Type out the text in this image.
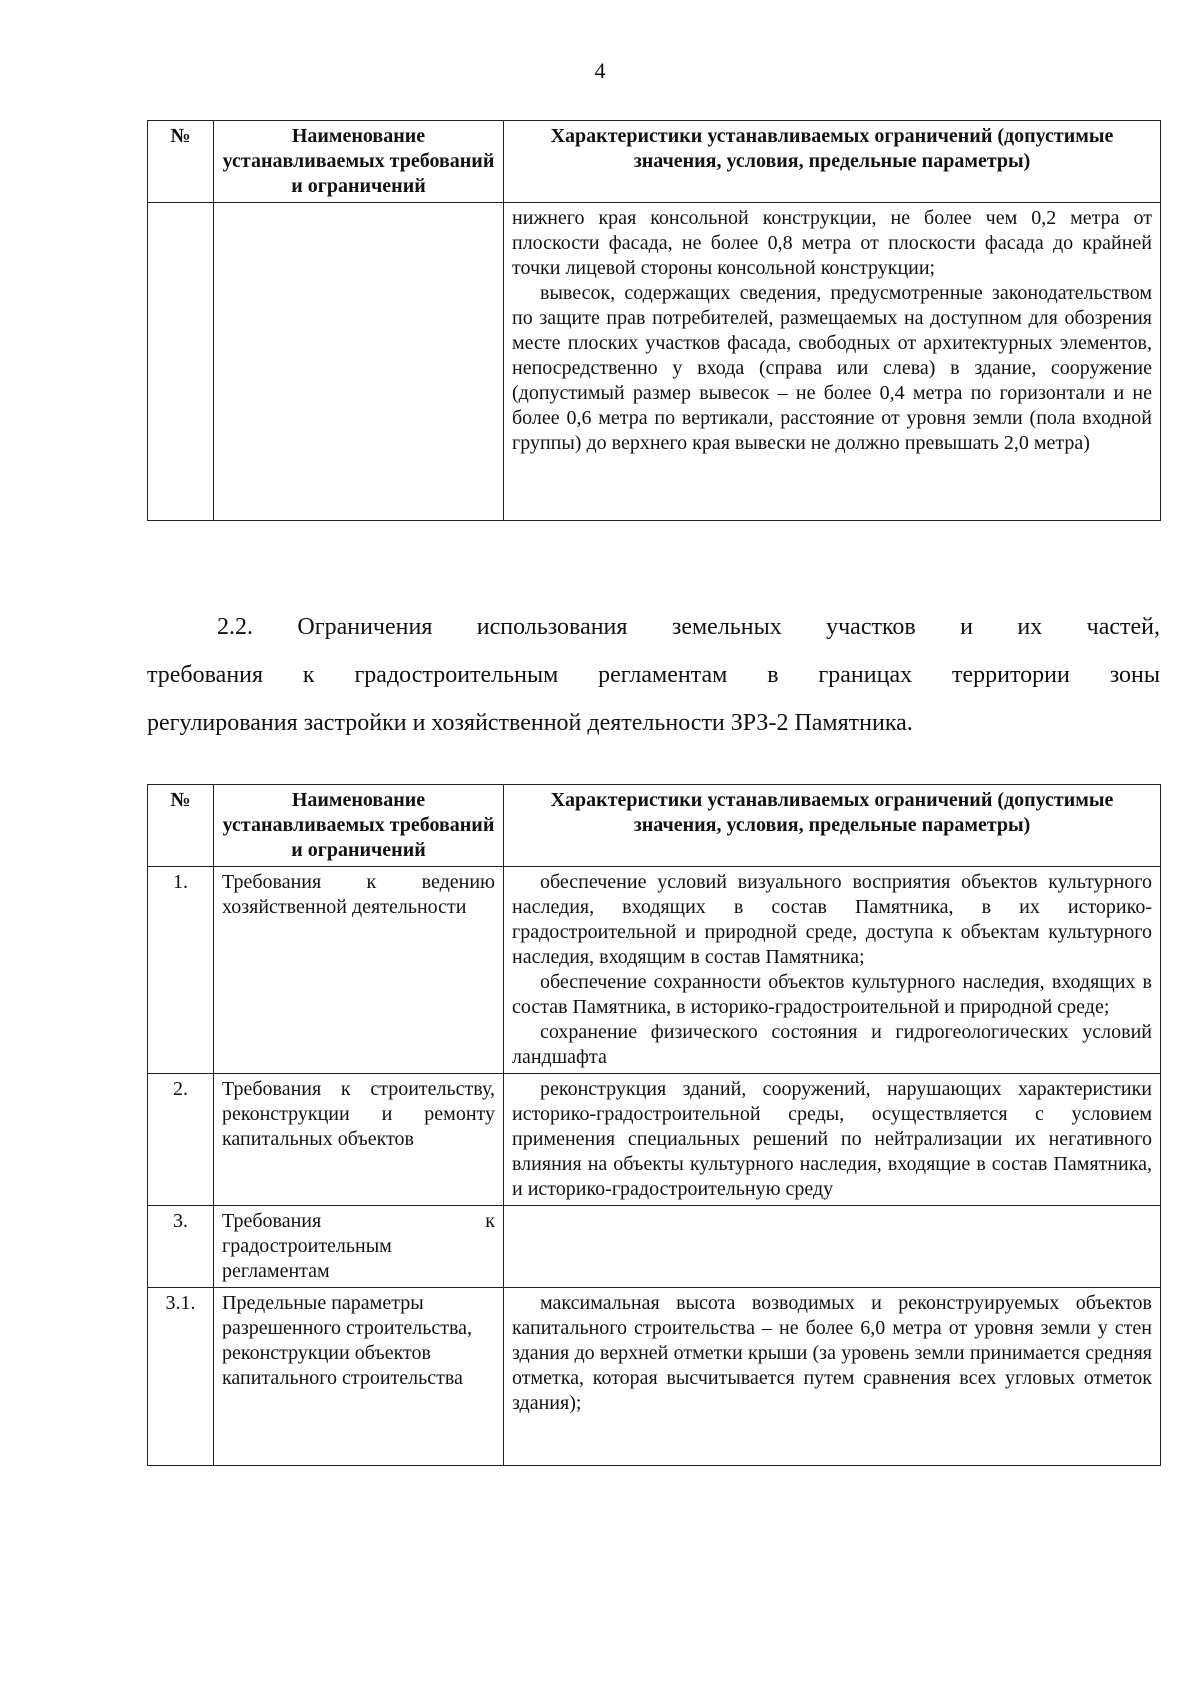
4
№	Наименование устанавливаемых требований и ограничений	Характеристики устанавливаемых ограничений (допустимые значения, условия, предельные параметры)

		нижнего края консольной конструкции, не более чем 0,2 метра от плоскости фасада, не более 0,8 метра от плоскости фасада до крайней точки лицевой стороны консольной конструкции;
вывесок, содержащих сведения, предусмотренные законодательством по защите прав потребителей, размещаемых на доступном для обозрения месте плоских участков фасада, свободных от архитектурных элементов, непосредственно у входа (справа или слева) в здание, сооружение (допустимый размер вывесок – не более 0,4 метра по горизонтали и не более 0,6 метра по вертикали, расстояние от уровня земли (пола входной группы) до верхнего края вывески не должно превышать 2,0 метра)
2.2. Ограничения использования земельных участков и их частей,
требования к градостроительным регламентам в границах территории зоны
регулирования застройки и хозяйственной деятельности ЗРЗ-2 Памятника.
№	Наименование устанавливаемых требований и ограничений	Характеристики устанавливаемых ограничений (допустимые значения, условия, предельные параметры)
1.	Требования к ведению хозяйственной деятельности	обеспечение условий визуального восприятия объектов культурного наследия, входящих в состав Памятника, в их историко-градостроительной и природной среде, доступа к объектам культурного наследия, входящим в состав Памятника;
обеспечение сохранности объектов культурного наследия, входящих в состав Памятника, в историко-градостроительной и природной среде;
сохранение физического состояния и гидрогеологических условий ландшафта

2.	Требования к строительству, реконструкции и ремонту капитальных объектов	реконструкция зданий, сооружений, нарушающих характеристики историко-градостроительной среды, осуществляется с условием применения специальных решений по нейтрализации их негативного влияния на объекты культурного наследия, входящие в состав Памятника, и историко-градостроительную среду

3.	Требования к градостроительным регламентам	
3.1.	Предельные параметры разрешенного строительства, реконструкции объектов капитального строительства	максимальная высота возводимых и реконструируемых объектов капитального строительства – не более 6,0 метра от уровня земли у стен здания до верхней отметки крыши (за уровень земли принимается средняя отметка, которая высчитывается путем сравнения всех угловых отметок здания);
